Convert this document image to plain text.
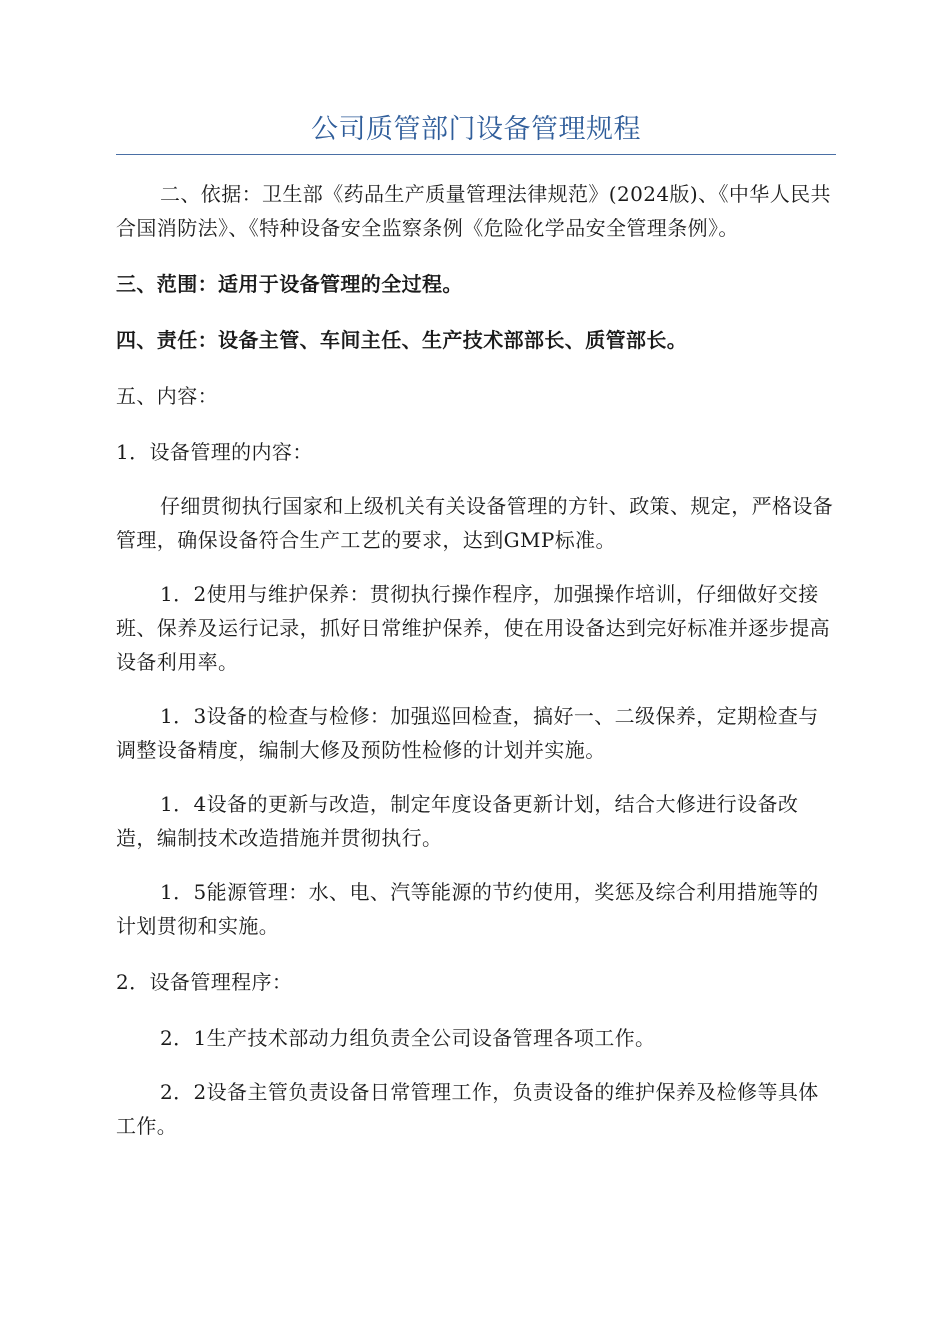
公司质管部门设备管理规程

二、依据：卫生部《药品生产质量管理法律规范》(2024版)、《中华人民共合国消防法》、《特种设备安全监察条例《危险化学品安全管理条例》。

三、范围：适用于设备管理的全过程。

四、责任：设备主管、车间主任、生产技术部部长、质管部长。

五、内容：

1．设备管理的内容：

仔细贯彻执行国家和上级机关有关设备管理的方针、政策、规定，严格设备管理，确保设备符合生产工艺的要求，达到GMP标准。

1．2使用与维护保养：贯彻执行操作程序，加强操作培训，仔细做好交接班、保养及运行记录，抓好日常维护保养，使在用设备达到完好标准并逐步提高设备利用率。

1．3设备的检查与检修：加强巡回检查，搞好一、二级保养，定期检查与调整设备精度，编制大修及预防性检修的计划并实施。

1．4设备的更新与改造，制定年度设备更新计划，结合大修进行设备改造，编制技术改造措施并贯彻执行。

1．5能源管理：水、电、汽等能源的节约使用，奖惩及综合利用措施等的计划贯彻和实施。

2．设备管理程序：

2．1生产技术部动力组负责全公司设备管理各项工作。

2．2设备主管负责设备日常管理工作，负责设备的维护保养及检修等具体工作。
